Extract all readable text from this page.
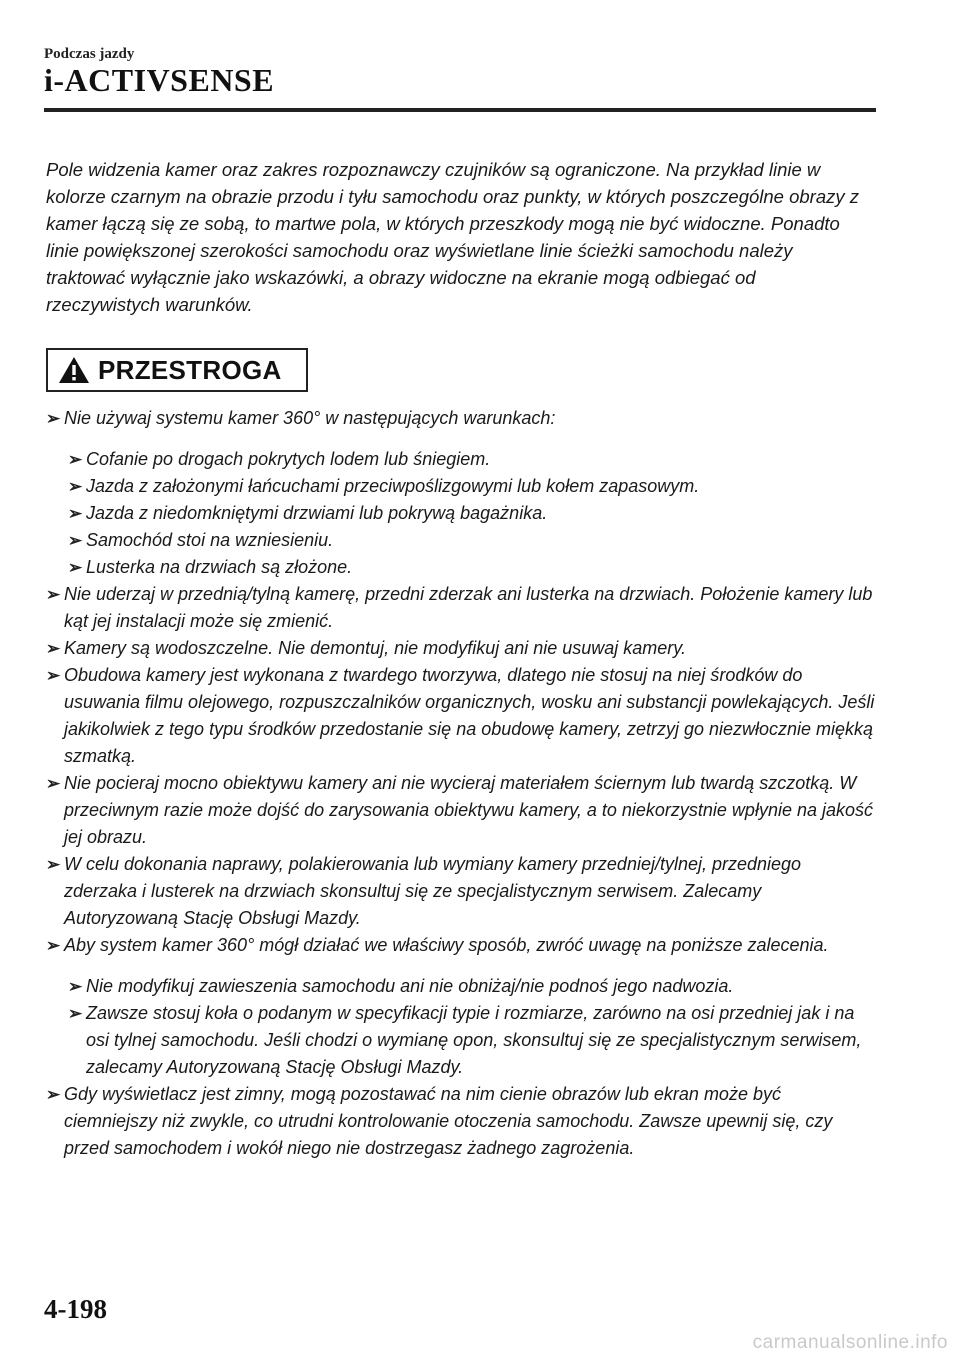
Podczas jazdy
i-ACTIVSENSE

Pole widzenia kamer oraz zakres rozpoznawczy czujników są ograniczone. Na przykład linie w kolorze czarnym na obrazie przodu i tyłu samochodu oraz punkty, w których poszczególne obrazy z kamer łączą się ze sobą, to martwe pola, w których przeszkody mogą nie być widoczne. Ponadto linie powiększonej szerokości samochodu oraz wyświetlane linie ścieżki samochodu należy traktować wyłącznie jako wskazówki, a obrazy widoczne na ekranie mogą odbiegać od rzeczywistych warunków.

PRZESTROGA
➢ Nie używaj systemu kamer 360° w następujących warunkach:
➢ Cofanie po drogach pokrytych lodem lub śniegiem.
➢ Jazda z założonymi łańcuchami przeciwpoślizgowymi lub kołem zapasowym.
➢ Jazda z niedomkniętymi drzwiami lub pokrywą bagażnika.
➢ Samochód stoi na wzniesieniu.
➢ Lusterka na drzwiach są złożone.
➢ Nie uderzaj w przednią/tylną kamerę, przedni zderzak ani lusterka na drzwiach. Położenie kamery lub kąt jej instalacji może się zmienić.
➢ Kamery są wodoszczelne. Nie demontuj, nie modyfikuj ani nie usuwaj kamery.
➢ Obudowa kamery jest wykonana z twardego tworzywa, dlatego nie stosuj na niej środków do usuwania filmu olejowego, rozpuszczalników organicznych, wosku ani substancji powlekających. Jeśli jakikolwiek z tego typu środków przedostanie się na obudowę kamery, zetrzyj go niezwłocznie miękką szmatką.
➢ Nie pocieraj mocno obiektywu kamery ani nie wycieraj materiałem ściernym lub twardą szczotką. W przeciwnym razie może dojść do zarysowania obiektywu kamery, a to niekorzystnie wpłynie na jakość jej obrazu.
➢ W celu dokonania naprawy, polakierowania lub wymiany kamery przedniej/tylnej, przedniego zderzaka i lusterek na drzwiach skonsultuj się ze specjalistycznym serwisem. Zalecamy Autoryzowaną Stację Obsługi Mazdy.
➢ Aby system kamer 360° mógł działać we właściwy sposób, zwróć uwagę na poniższe zalecenia.
➢ Nie modyfikuj zawieszenia samochodu ani nie obniżaj/nie podnoś jego nadwozia.
➢ Zawsze stosuj koła o podanym w specyfikacji typie i rozmiarze, zarówno na osi przedniej jak i na osi tylnej samochodu. Jeśli chodzi o wymianę opon, skonsultuj się ze specjalistycznym serwisem, zalecamy Autoryzowaną Stację Obsługi Mazdy.
➢ Gdy wyświetlacz jest zimny, mogą pozostawać na nim cienie obrazów lub ekran może być ciemniejszy niż zwykle, co utrudni kontrolowanie otoczenia samochodu. Zawsze upewnij się, czy przed samochodem i wokół niego nie dostrzegasz żadnego zagrożenia.
4-198
carmanualsonline.info
